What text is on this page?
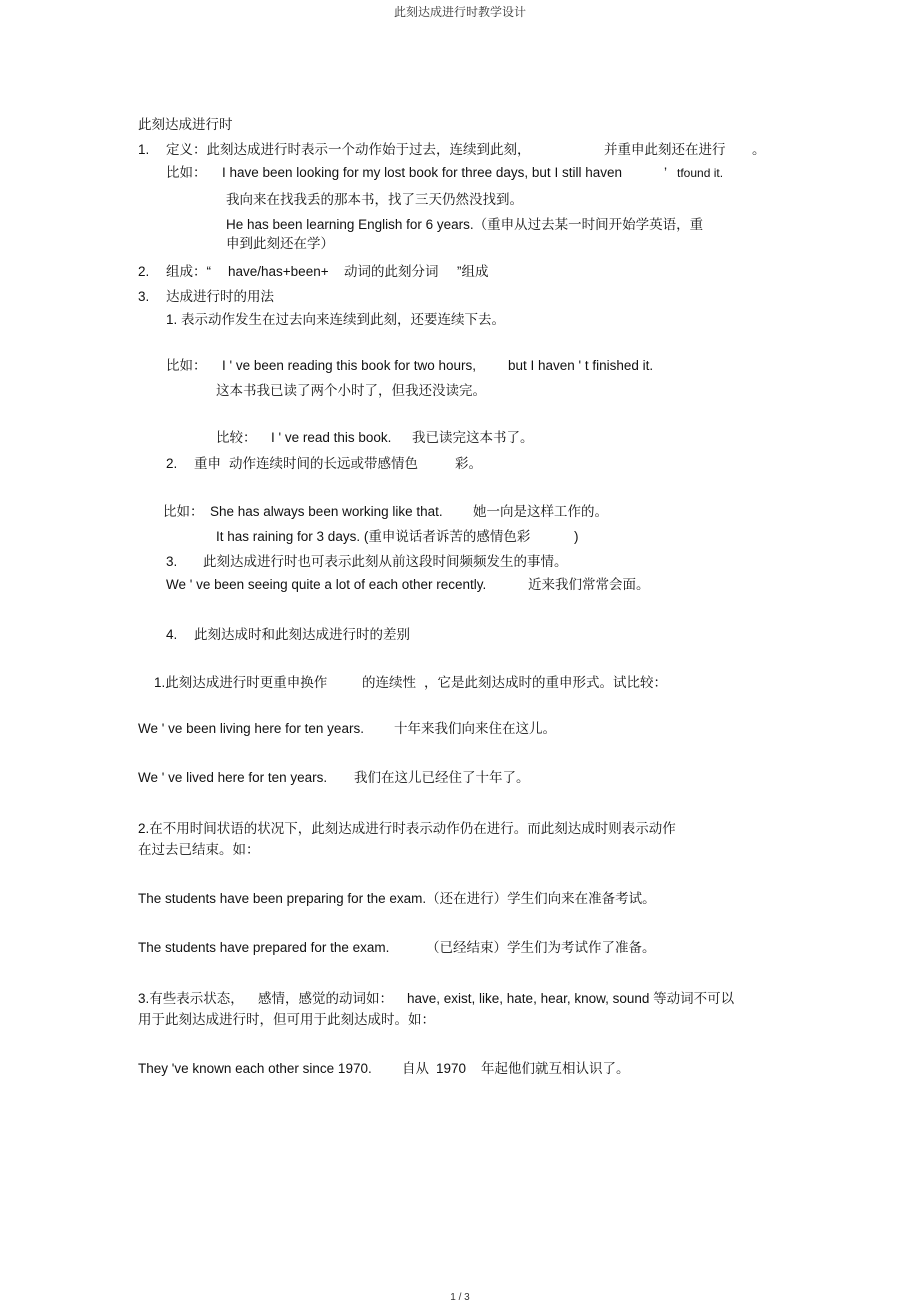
此刻达成进行时教学设计
此刻达成进行时
1. 定义：此刻达成进行时表示一个动作始于过去，连续到此刻，	并重申此刻还在进行 。
比如： I have been looking for my lost book for three days, but I still haven	’ tfound it.
我向来在找我丢的那本书，找了三天仍然没找到。
He has been learning English for 6 years.（重申从过去某一时间开始学英语，重
申到此刻还在学）
2. 组成：“ have/has+been+ 动词的此刻分词 ”组成
3. 达成进行时的用法
1. 表示动作发生在过去向来连续到此刻，还要连续下去。
比如： I ' ve been reading this book for two hours, but I haven ' t finished it.
这本书我已读了两个小时了，但我还没读完。
比较： I ' ve read this book. 我已读完这本书了。
2. 重申 动作连续时间的长远或带感情色	彩。
比如： She has always been working like that. 她一向是这样工作的。
It has raining for 3 days. (重申说话者诉苦的感情色彩	)
3. 此刻达成进行时也可表示此刻从前这段时间频频发生的事情。
We ' ve been seeing quite a lot of each other recently.	近来我们常常会面。
4. 此刻达成时和此刻达成进行时的差别
1.此刻达成进行时更重申换作	的连续性 ，它是此刻达成时的重申形式。试比较：
We ' ve been living here for ten years. 十年来我们向来住在这儿。
We ' ve lived here for ten years. 我们在这儿已经住了十年了。
2.在不用时间状语的状况下，此刻达成进行时表示动作仍在进行。而此刻达成时则表示动作
在过去已结束。如：
The students have been preparing for the exam.（还在进行）学生们向来在准备考试。
The students have prepared for the exam.	（已经结束）学生们为考试作了准备。
3.有些表示状态， 感情，感觉的动词如： have, exist, like, hate, hear, know, sound 等动词不可以
用于此刻达成进行时，但可用于此刻达成时。如：
They 've known each other since 1970. 自从 1970 年起他们就互相认识了。
1 / 3
